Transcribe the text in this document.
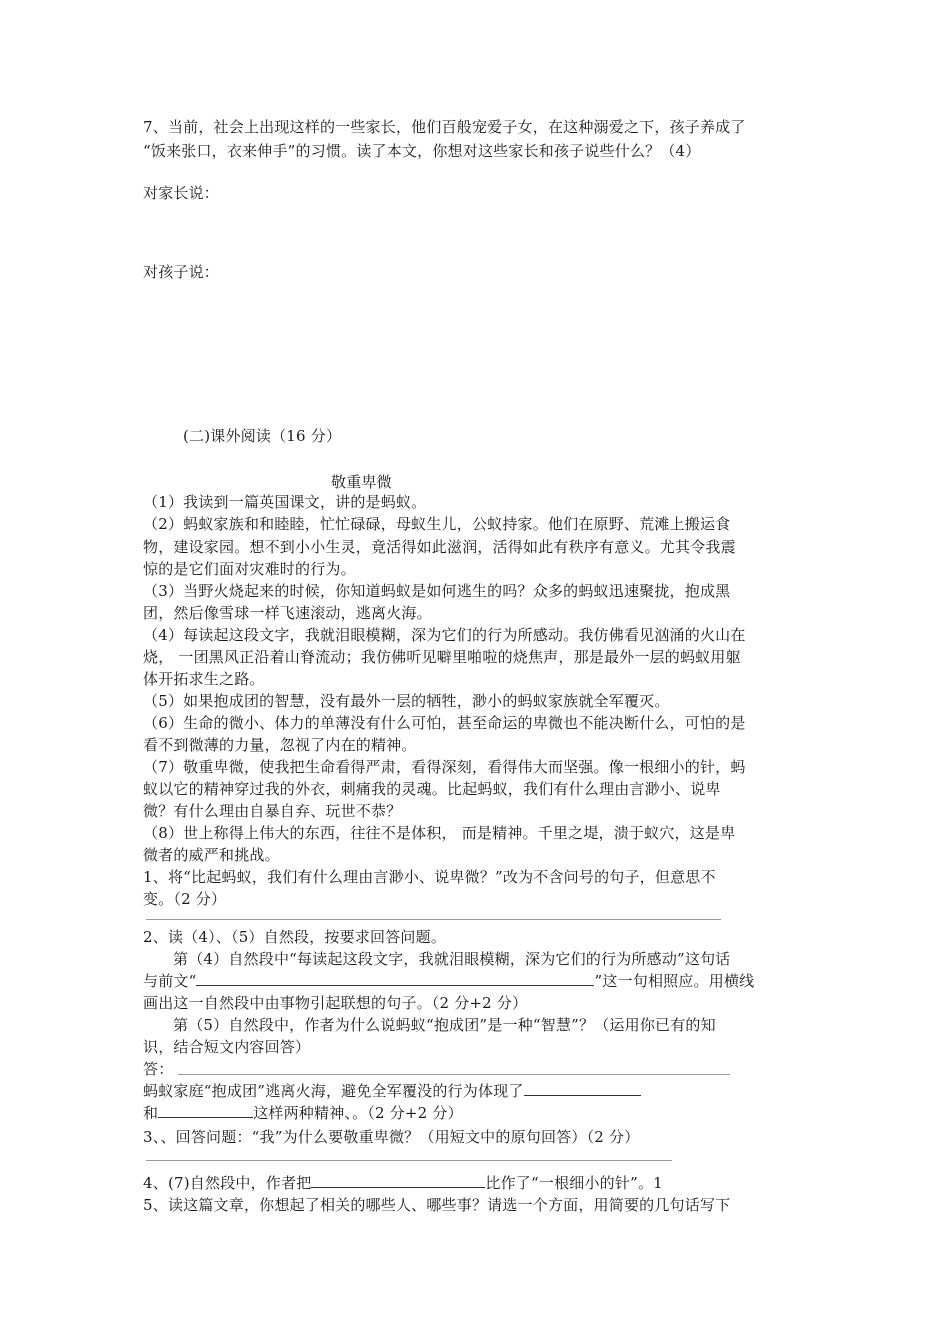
7、当前，社会上出现这样的一些家长，他们百般宠爱子女，在这种溺爱之下，孩子养成了
“饭来张口，衣来伸手”的习惯。读了本文，你想对这些家长和孩子说些什么？（4）
对家长说：
对孩子说：
(二)课外阅读（16 分）
敬重卑微
（1）我读到一篇英国课文，讲的是蚂蚁。
（2）蚂蚁家族和和睦睦，忙忙碌碌，母蚁生儿，公蚁持家。他们在原野、荒滩上搬运食
物，建设家园。想不到小小生灵，竟活得如此滋润，活得如此有秩序有意义。尤其令我震
惊的是它们面对灾难时的行为。
（3）当野火烧起来的时候，你知道蚂蚁是如何逃生的吗？众多的蚂蚁迅速聚拢，抱成黑
团，然后像雪球一样飞速滚动，逃离火海。
（4）每读起这段文字，我就泪眼模糊，深为它们的行为所感动。我仿佛看见汹涌的火山在
烧， 一团黑风正沿着山脊流动；我仿佛听见噼里啪啦的烧焦声，那是最外一层的蚂蚁用躯
体开拓求生之路。
（5）如果抱成团的智慧，没有最外一层的牺牲，渺小的蚂蚁家族就全军覆灭。
（6）生命的微小、体力的单薄没有什么可怕，甚至命运的卑微也不能决断什么，可怕的是
看不到微薄的力量，忽视了内在的精神。
（7）敬重卑微，使我把生命看得严肃，看得深刻，看得伟大而坚强。像一根细小的针，蚂
蚁以它的精神穿过我的外衣，刺痛我的灵魂。比起蚂蚁，我们有什么理由言渺小、说卑
微？有什么理由自暴自弃、玩世不恭？
（8）世上称得上伟大的东西，往往不是体积， 而是精神。千里之堤，溃于蚁穴，这是卑
微者的威严和挑战。
1、将“比起蚂蚁，我们有什么理由言渺小、说卑微？”改为不含问号的句子，但意思不
变。（2 分）
2、读（4）、（5）自然段，按要求回答问题。
第（4）自然段中“每读起这段文字，我就泪眼模糊，深为它们的行为所感动”这句话
与前文“	”这一句相照应。用横线
画出这一自然段中由事物引起联想的句子。（2 分+2 分）
第（5）自然段中，作者为什么说蚂蚁“抱成团”是一种“智慧”？（运用你已有的知
识，结合短文内容回答）
答：
蚂蚁家庭“抱成团”逃离火海，避免全军覆没的行为体现了
和	这样两种精神、。（2 分+2 分）
3、、回答问题：“我”为什么要敬重卑微？（用短文中的原句回答）（2 分）
4、(7)自然段中，作者把	比作了“一根细小的针”。1
5、读这篇文章，你想起了相关的哪些人、哪些事？请选一个方面，用简要的几句话写下
